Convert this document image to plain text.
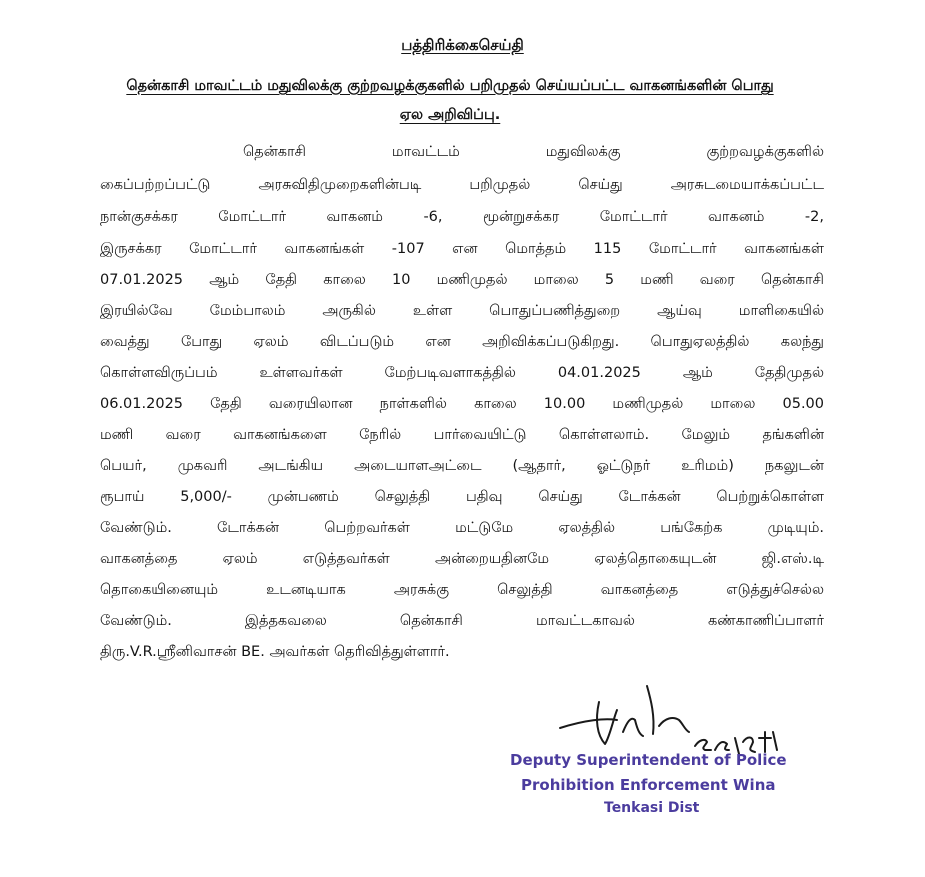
பத்திரிக்கைசெய்தி
தென்காசி மாவட்டம் மதுவிலக்கு குற்றவழக்குகளில் பறிமுதல் செய்யப்பட்ட வாகனங்களின் பொது ஏல அறிவிப்பு.
தென்காசி மாவட்டம் மதுவிலக்கு குற்றவழக்குகளில்
கைப்பற்றப்பட்டு அரசுவிதிமுறைகளின்படி பறிமுதல் செய்து அரசுடமையாக்கப்பட்ட
நான்குசக்கர மோட்டார் வாகனம் -6, மூன்றுசக்கர மோட்டார் வாகனம் -2,
இருசக்கர மோட்டார் வாகனங்கள் -107 என மொத்தம் 115 மோட்டார் வாகனங்கள்
07.01.2025 ஆம் தேதி காலை 10 மணிமுதல் மாலை 5 மணி வரை தென்காசி
இரயில்வே மேம்பாலம் அருகில் உள்ள பொதுப்பணித்துறை ஆய்வு மாளிகையில்
வைத்து போது ஏலம் விடப்படும் என அறிவிக்கப்படுகிறது. பொதுஏலத்தில் கலந்து
கொள்ளவிருப்பம் உள்ளவர்கள் மேற்படிவளாகத்தில் 04.01.2025 ஆம் தேதிமுதல்
06.01.2025 தேதி வரையிலான நாள்களில் காலை 10.00 மணிமுதல் மாலை 05.00
மணி வரை வாகனங்களை நேரில் பார்வையிட்டு கொள்ளலாம். மேலும் தங்களின்
பெயர், முகவரி அடங்கிய அடையாளஅட்டை (ஆதார், ஓட்டுநர் உரிமம்) நகலுடன்
ரூபாய் 5,000/- முன்பணம் செலுத்தி பதிவு செய்து டோக்கன் பெற்றுக்கொள்ள
வேண்டும். டோக்கன் பெற்றவர்கள் மட்டுமே ஏலத்தில் பங்கேற்க முடியும்.
வாகனத்தை ஏலம் எடுத்தவர்கள் அன்றையதினமே ஏலத்தொகையுடன் ஜி.எஸ்.டி
தொகையினையும் உடனடியாக அரசுக்கு செலுத்தி வாகனத்தை எடுத்துச்செல்ல
வேண்டும். இத்தகவலை தென்காசி மாவட்டகாவல் கண்காணிப்பாளர்
திரு.V.R.ஸ்ரீனிவாசன் BE. அவர்கள் தெரிவித்துள்ளார்.
Deputy Superintendent of Police
Prohibition Enforcement Wina
Tenkasi Dist
